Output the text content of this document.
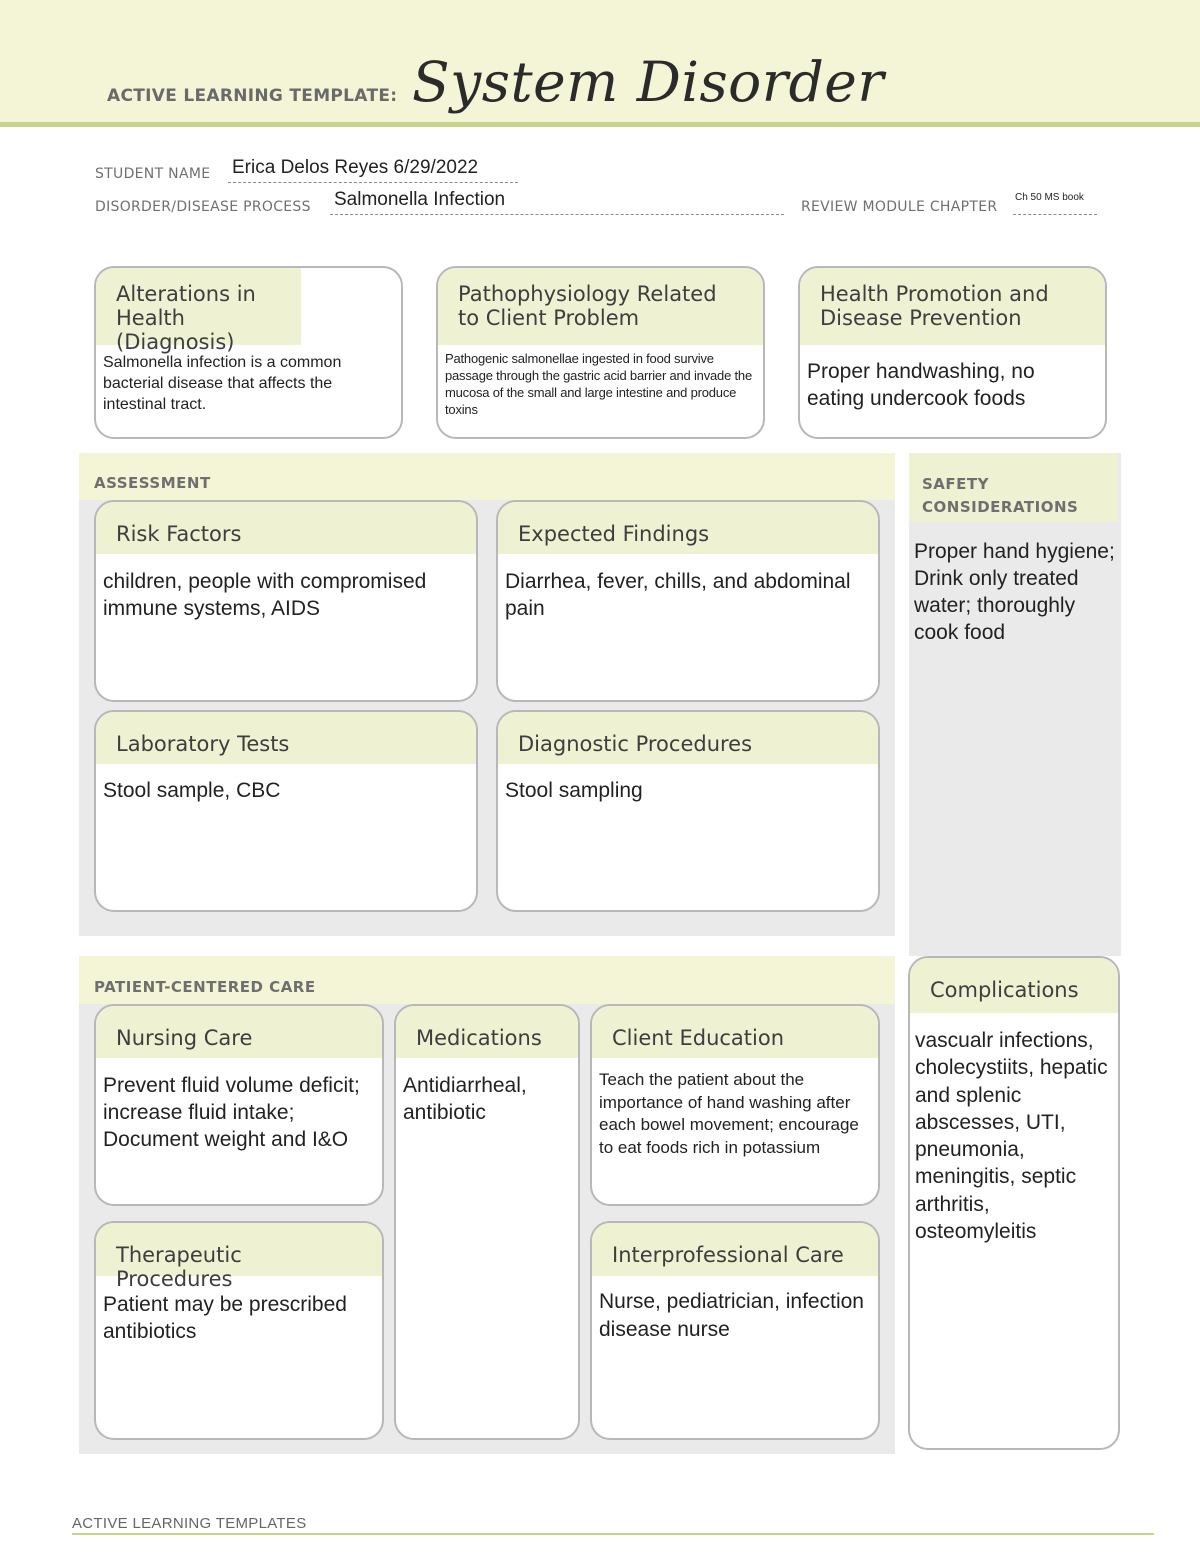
ACTIVE LEARNING TEMPLATE: System Disorder
STUDENT NAME Erica Delos Reyes 6/29/2022
DISORDER/DISEASE PROCESS Salmonella Infection	REVIEW MODULE CHAPTER
Ch 50 MS book
Alterations in Health (Diagnosis)
Salmonella infection is a common bacterial disease that affects the intestinal tract.
Pathophysiology Related to Client Problem
Pathogenic salmonellae ingested in food survive passage through the gastric acid barrier and invade the mucosa of the small and large intestine and produce toxins
Health Promotion and Disease Prevention
Proper handwashing, no eating undercook foods
ASSESSMENT
Risk Factors
children, people with compromised immune systems, AIDS
Expected Findings
Diarrhea, fever, chills, and abdominal pain
Laboratory Tests
Stool sample, CBC
Diagnostic Procedures
Stool sampling
SAFETY CONSIDERATIONS
Proper hand hygiene; Drink only treated water; thoroughly cook food
PATIENT-CENTERED CARE
Nursing Care
Prevent fluid volume deficit; increase fluid intake; Document weight and I&O
Medications
Antidiarrheal, antibiotic
Client Education
Teach the patient about the importance of hand washing after each bowel movement; encourage to eat foods rich in potassium
Therapeutic Procedures
Patient may be prescribed antibiotics
Interprofessional Care
Nurse, pediatrician, infection disease nurse
Complications
vascualr infections, cholecystiits, hepatic and splenic abscesses, UTI, pneumonia, meningitis, septic arthritis, osteomyleitis
ACTIVE LEARNING TEMPLATES
